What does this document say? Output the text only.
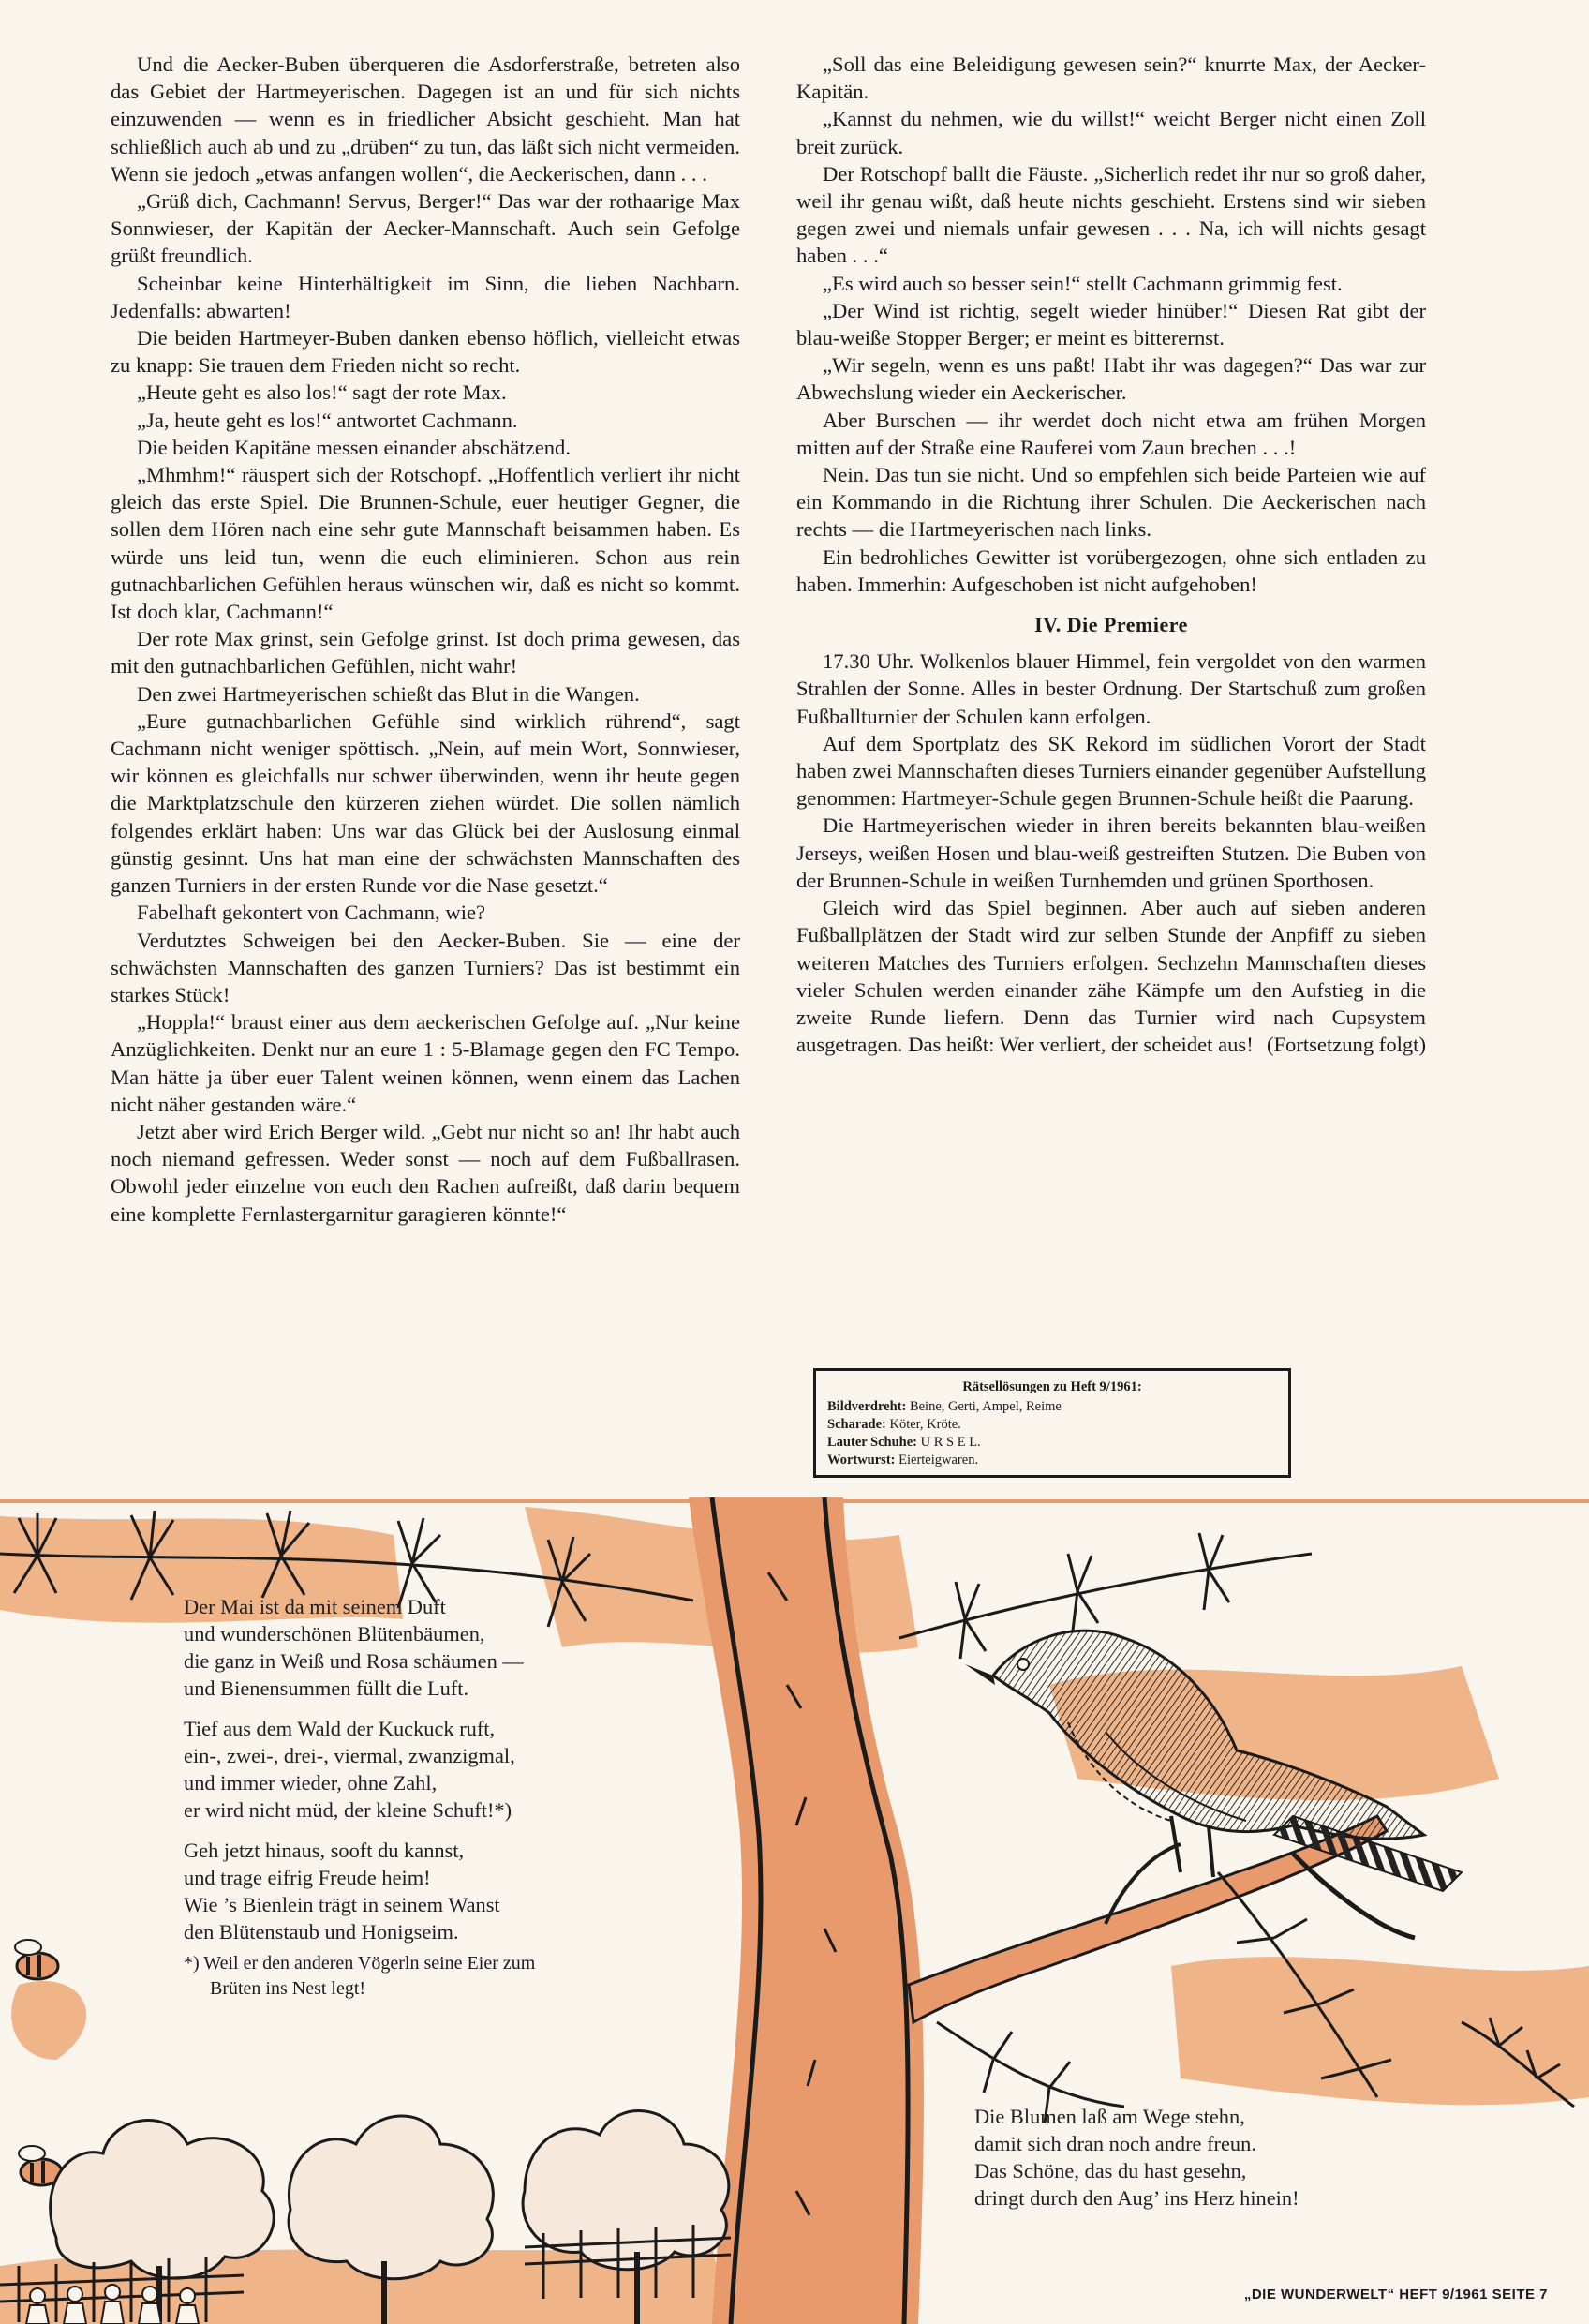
Und die Aecker-Buben überqueren die Asdorferstraße, betreten also das Gebiet der Hartmeyerischen. Dagegen ist an und für sich nichts einzuwenden — wenn es in friedlicher Absicht geschieht. Man hat schließlich auch ab und zu „drüben“ zu tun, das läßt sich nicht vermeiden. Wenn sie jedoch „etwas anfangen wollen“, die Aeckerischen, dann . . .

„Grüß dich, Cachmann! Servus, Berger!“ Das war der rothaarige Max Sonnwieser, der Kapitän der Aecker-Mannschaft. Auch sein Gefolge grüßt freundlich.

Scheinbar keine Hinterhältigkeit im Sinn, die lieben Nachbarn. Jedenfalls: abwarten!

Die beiden Hartmeyer-Buben danken ebenso höflich, vielleicht etwas zu knapp: Sie trauen dem Frieden nicht so recht.

„Heute geht es also los!“ sagt der rote Max.

„Ja, heute geht es los!“ antwortet Cachmann.

Die beiden Kapitäne messen einander abschätzend.

„Mhmhm!“ räuspert sich der Rotschopf. „Hoffentlich verliert ihr nicht gleich das erste Spiel. Die Brunnen-Schule, euer heutiger Gegner, die sollen dem Hören nach eine sehr gute Mannschaft beisammen haben. Es würde uns leid tun, wenn die euch eliminieren. Schon aus rein gutnachbarlichen Gefühlen heraus wünschen wir, daß es nicht so kommt. Ist doch klar, Cachmann!“

Der rote Max grinst, sein Gefolge grinst. Ist doch prima gewesen, das mit den gutnachbarlichen Gefühlen, nicht wahr!

Den zwei Hartmeyerischen schießt das Blut in die Wangen.

„Eure gutnachbarlichen Gefühle sind wirklich rührend“, sagt Cachmann nicht weniger spöttisch. „Nein, auf mein Wort, Sonnwieser, wir können es gleichfalls nur schwer überwinden, wenn ihr heute gegen die Marktplatzschule den kürzeren ziehen würdet. Die sollen nämlich folgendes erklärt haben: Uns war das Glück bei der Auslosung einmal günstig gesinnt. Uns hat man eine der schwächsten Mannschaften des ganzen Turniers in der ersten Runde vor die Nase gesetzt.“

Fabelhaft gekontert von Cachmann, wie?

Verdutztes Schweigen bei den Aecker-Buben. Sie — eine der schwächsten Mannschaften des ganzen Turniers? Das ist bestimmt ein starkes Stück!

„Hoppla!“ braust einer aus dem aeckerischen Gefolge auf. „Nur keine Anzüglichkeiten. Denkt nur an eure 1 : 5-Blamage gegen den FC Tempo. Man hätte ja über euer Talent weinen können, wenn einem das Lachen nicht näher gestanden wäre.“

Jetzt aber wird Erich Berger wild. „Gebt nur nicht so an! Ihr habt auch noch niemand gefressen. Weder sonst — noch auf dem Fußballrasen. Obwohl jeder einzelne von euch den Rachen aufreißt, daß darin bequem eine komplette Fernlastergarnitur garagieren könnte!“

„Soll das eine Beleidigung gewesen sein?“ knurrte Max, der Aecker-Kapitän.

„Kannst du nehmen, wie du willst!“ weicht Berger nicht einen Zoll breit zurück.

Der Rotschopf ballt die Fäuste. „Sicherlich redet ihr nur so groß daher, weil ihr genau wißt, daß heute nichts geschieht. Erstens sind wir sieben gegen zwei und niemals unfair gewesen . . . Na, ich will nichts gesagt haben . . .“

„Es wird auch so besser sein!“ stellt Cachmann grimmig fest.

„Der Wind ist richtig, segelt wieder hinüber!“ Diesen Rat gibt der blau-weiße Stopper Berger; er meint es bitterernst.

„Wir segeln, wenn es uns paßt! Habt ihr was dagegen?“ Das war zur Abwechslung wieder ein Aeckerischer.

Aber Burschen — ihr werdet doch nicht etwa am frühen Morgen mitten auf der Straße eine Rauferei vom Zaun brechen . . .!

Nein. Das tun sie nicht. Und so empfehlen sich beide Parteien wie auf ein Kommando in die Richtung ihrer Schulen. Die Aeckerischen nach rechts — die Hartmeyerischen nach links.

Ein bedrohliches Gewitter ist vorübergezogen, ohne sich entladen zu haben. Immerhin: Aufgeschoben ist nicht aufgehoben!

IV. Die Premiere

17.30 Uhr. Wolkenlos blauer Himmel, fein vergoldet von den warmen Strahlen der Sonne. Alles in bester Ordnung. Der Startschuß zum großen Fußballturnier der Schulen kann erfolgen.

Auf dem Sportplatz des SK Rekord im südlichen Vorort der Stadt haben zwei Mannschaften dieses Turniers einander gegenüber Aufstellung genommen: Hartmeyer-Schule gegen Brunnen-Schule heißt die Paarung.

Die Hartmeyerischen wieder in ihren bereits bekannten blau-weißen Jerseys, weißen Hosen und blau-weiß gestreiften Stutzen. Die Buben von der Brunnen-Schule in weißen Turnhemden und grünen Sporthosen.

Gleich wird das Spiel beginnen. Aber auch auf sieben anderen Fußballplätzen der Stadt wird zur selben Stunde der Anpfiff zu sieben weiteren Matches des Turniers erfolgen. Sechzehn Mannschaften dieses vieler Schulen werden einander zähe Kämpfe um den Aufstieg in die zweite Runde liefern. Denn das Turnier wird nach Cupsystem ausgetragen. Das heißt: Wer verliert, der scheidet aus! (Fortsetzung folgt)

Rätsellösungen zu Heft 9/1961:
Bildverdreht: Beine, Gerti, Ampel, Reime
Scharade: Köter, Kröte.
Lauter Schuhe: U R S E L.
Wortwurst: Eierteigwaren.
Der Mai ist da mit seinem Duft
und wunderschönen Blütenbäumen,
die ganz in Weiß und Rosa schäumen —
und Bienensummen füllt die Luft.
Tief aus dem Wald der Kuckuck ruft,
ein-, zwei-, drei-, viermal, zwanzigmal,
und immer wieder, ohne Zahl,
er wird nicht müd, der kleine Schuft!*)
Geh jetzt hinaus, sooft du kannst,
und trage eifrig Freude heim!
Wie ’s Bienlein trägt in seinem Wanst
den Blütenstaub und Honigseim.
*) Weil er den anderen Vögerln seine Eier zum
Brüten ins Nest legt!
Die Blumen laß am Wege stehn,
damit sich dran noch andre freun.
Das Schöne, das du hast gesehn,
dringt durch den Aug’ ins Herz hinein!
„DIE WUNDERWELT“ HEFT 9/1961 SEITE 7
